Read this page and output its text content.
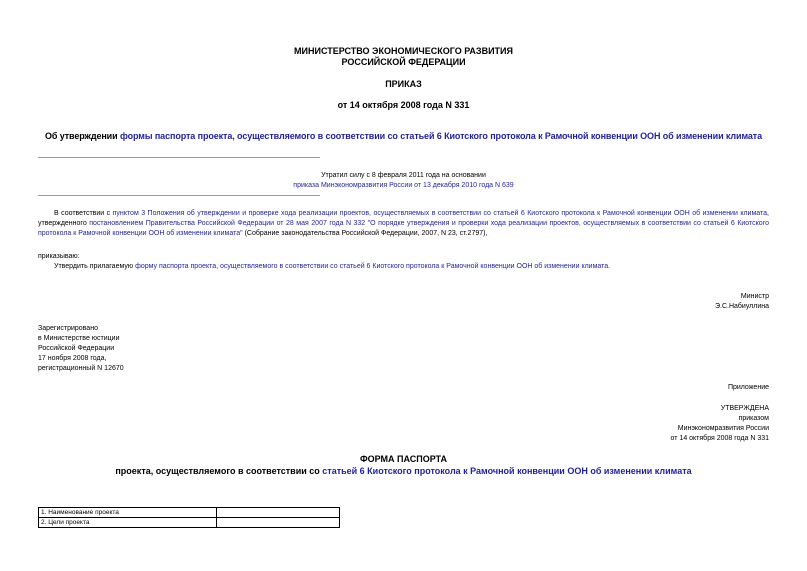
МИНИСТЕРСТВО ЭКОНОМИЧЕСКОГО РАЗВИТИЯ
РОССИЙСКОЙ ФЕДЕРАЦИИ
ПРИКАЗ
от 14 октября 2008 года N 331
Об утверждении формы паспорта проекта, осуществляемого в соответствии со статьей 6 Киотского протокола к Рамочной конвенции ООН об изменении климата
Утратил силу с 8 февраля 2011 года на основании
приказа Минэкономразвития России от 13 декабря 2010 года N 639
В соответствии с пунктом 3 Положения об утверждении и проверке хода реализации проектов, осуществляемых в соответствии со статьей 6 Киотского протокола к Рамочной конвенции ООН об изменении климата, утвержденного постановлением Правительства Российской Федерации от 28 мая 2007 года N 332 "О порядке утверждения и проверки хода реализации проектов, осуществляемых в соответствии со статьей 6 Киотского протокола к Рамочной конвенции ООН об изменении климата" (Собрание законодательства Российской Федерации, 2007, N 23, ст.2797),
приказываю:
Утвердить прилагаемую форму паспорта проекта, осуществляемого в соответствии со статьей 6 Киотского протокола к Рамочной конвенции ООН об изменении климата.
Министр
Э.С.Набиуллина
Зарегистрировано
в Министерстве юстиции
Российской Федерации
17 ноября 2008 года,
регистрационный N 12670
Приложение
УТВЕРЖДЕНА
приказом
Минэкономразвития России
от 14 октября 2008 года N 331
ФОРМА ПАСПОРТА
проекта, осуществляемого в соответствии со статьей 6 Киотского протокола к Рамочной конвенции ООН об изменении климата
1. Наименование проекта	
2. Цели проекта	
